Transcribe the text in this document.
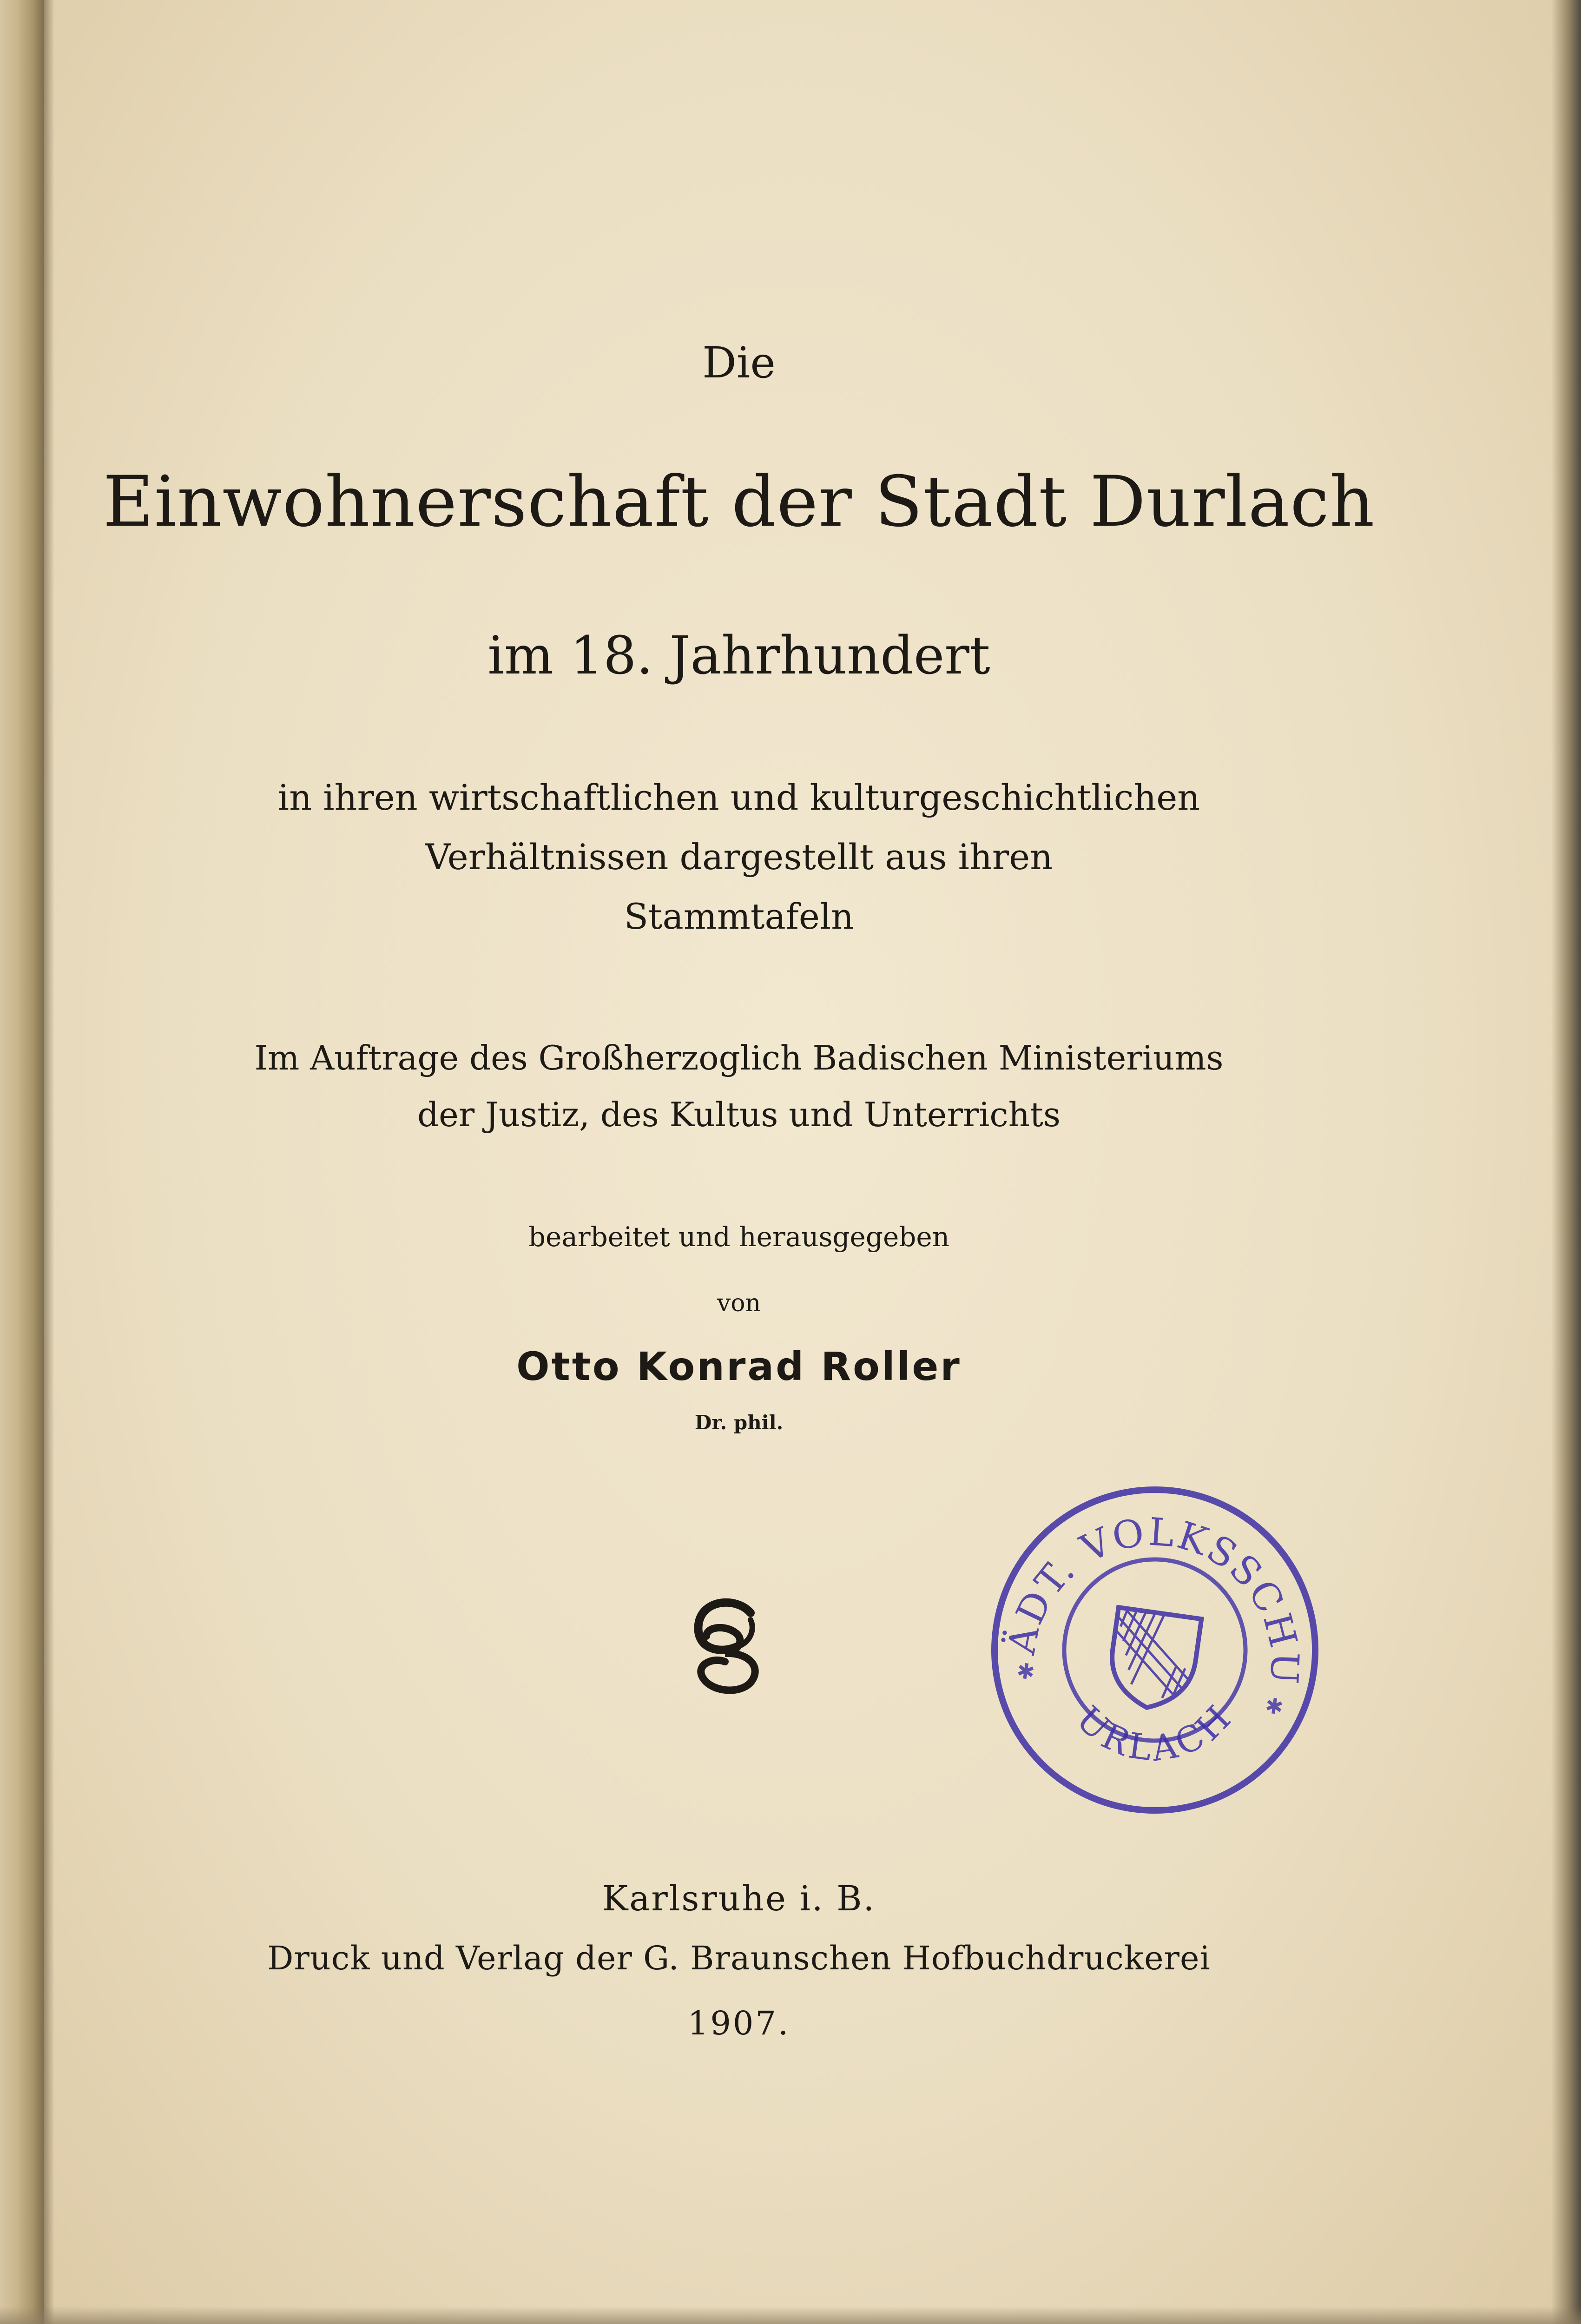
Die
Einwohnerschaft der Stadt Durlach
im 18. Jahrhundert
in ihren wirtschaftlichen und kulturgeschichtlichen
Verhältnissen dargestellt aus ihren
Stammtafeln
Im Auftrage des Großherzoglich Badischen Ministeriums
der Justiz, des Kultus und Unterrichts
bearbeitet und herausgegeben
von
Otto Konrad Roller
Dr. phil.	STÄDT. VOLKSSCHULE
DURLACH
✱
✱
Karlsruhe i. B.
Druck und Verlag der G. Braunschen Hofbuchdruckerei
1907.
